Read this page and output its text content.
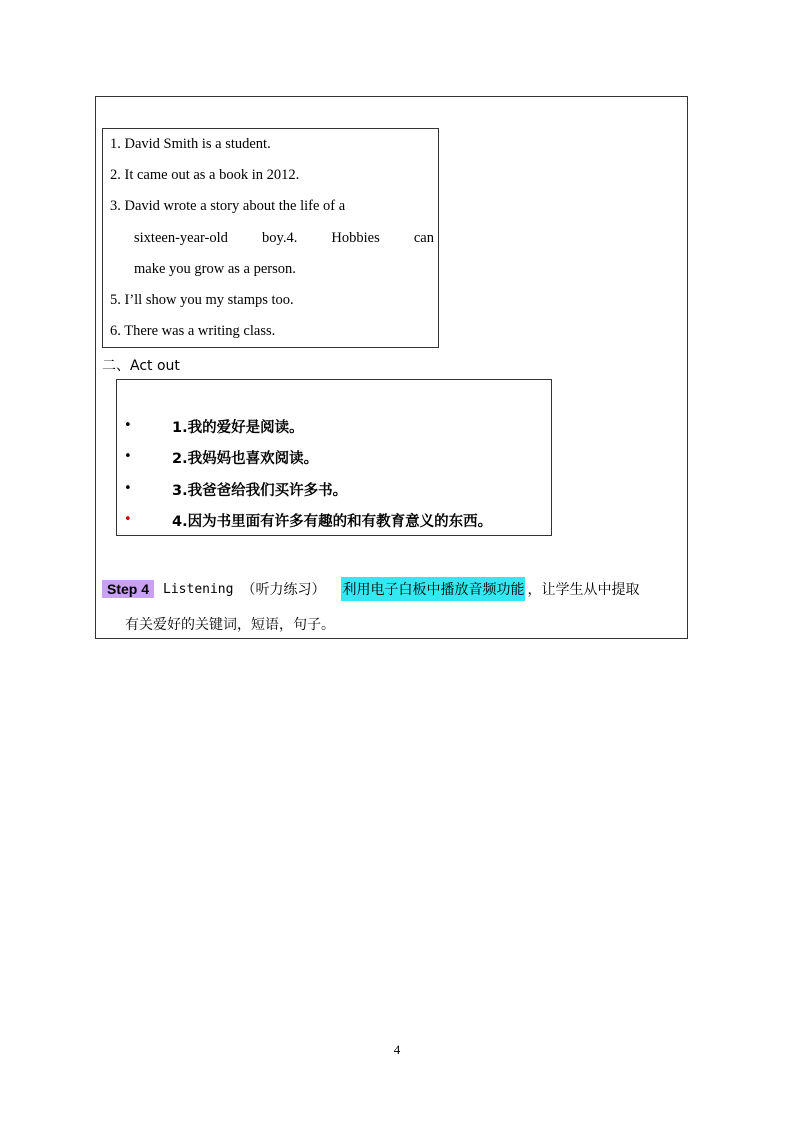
1. David Smith is a student.
2. It came out as a book in 2012.
3. David wrote a story about the life of a
sixteen-year-old boy.4. Hobbies can
make you grow as a person.
5. I’ll show you my stamps too.
6. There was a writing class.
二、Act out
•	1.我的爱好是阅读。
•	2.我妈妈也喜欢阅读。
•	3.我爸爸给我们买许多书。
•	4.因为书里面有许多有趣的和有教育意义的东西。
Step 4	Listening （听力练习） 利用电子白板中播放音频功能 ，让学生从中提取
有关爱好的关键词，短语，句子。
4
